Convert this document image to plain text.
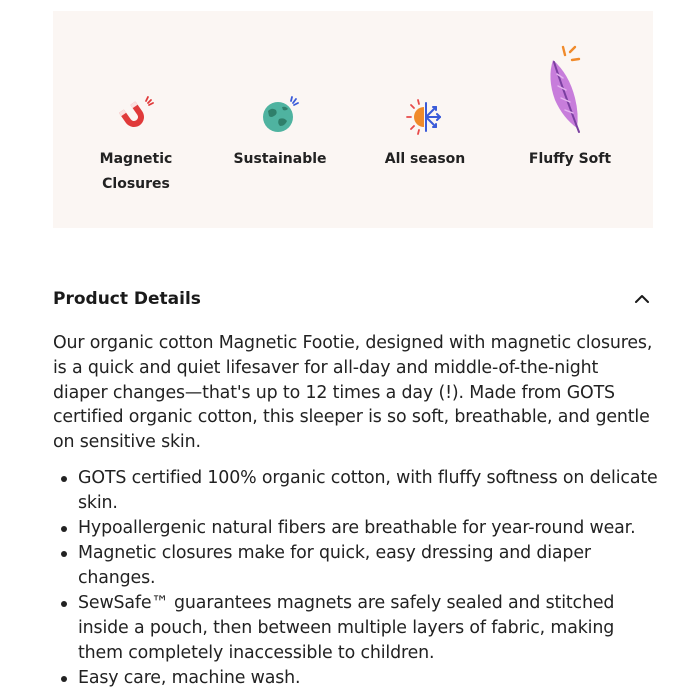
Magnetic
Closures
Sustainable	All season	Fluffy Soft
Product Details

Our organic cotton Magnetic Footie, designed with magnetic closures, is a quick and quiet lifesaver for all-day and middle-of-the-night diaper changes—that's up to 12 times a day (!). Made from GOTS certified organic cotton, this sleeper is so soft, breathable, and gentle on sensitive skin.

GOTS certified 100% organic cotton, with fluffy softness on delicate skin.
Hypoallergenic natural fibers are breathable for year-round wear.
Magnetic closures make for quick, easy dressing and diaper changes.
SewSafe™ guarantees magnets are safely sealed and stitched inside a pouch, then between multiple layers of fabric, making them completely inaccessible to children.
Easy care, machine wash.
